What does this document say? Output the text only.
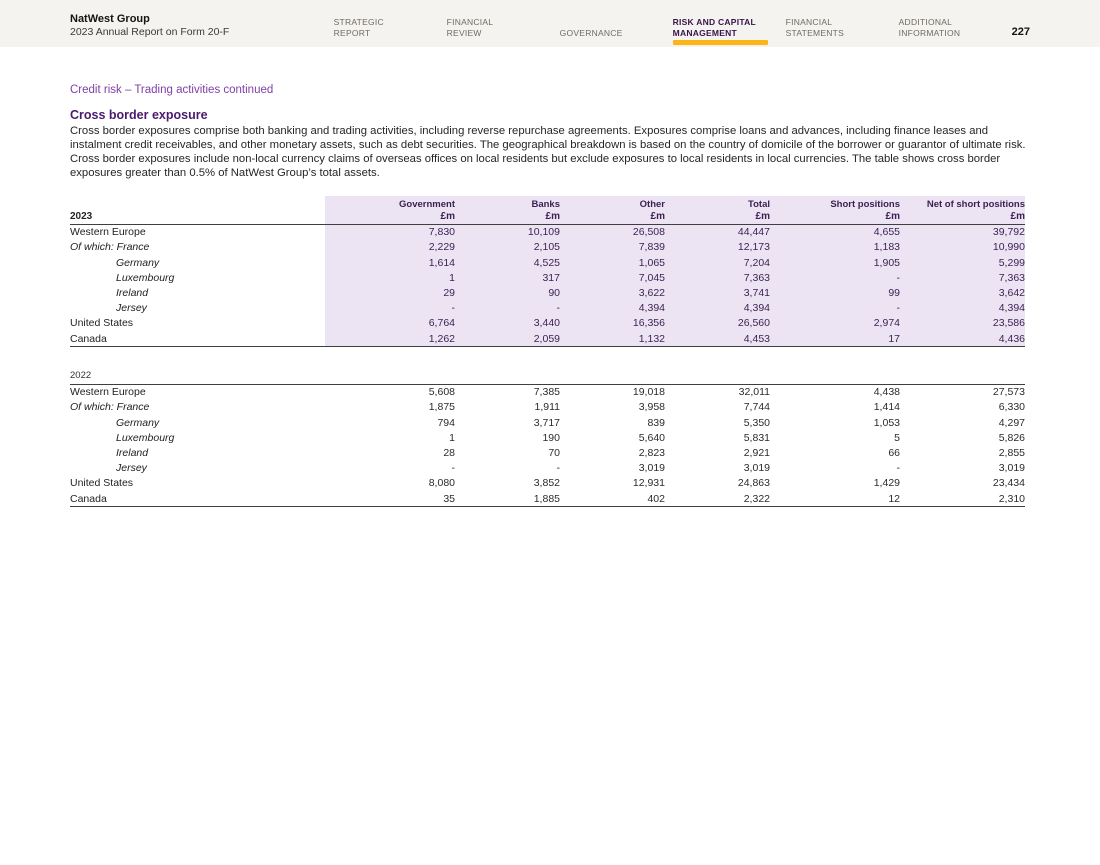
NatWest Group
2023 Annual Report on Form 20-F
STRATEGIC
REPORT
FINANCIAL
REVIEW	GOVERNANCE
RISK AND CAPITAL
MANAGEMENT
FINANCIAL
STATEMENTS
ADDITIONAL
INFORMATION	227
Credit risk – Trading activities continued
Cross border exposure
Cross border exposures comprise both banking and trading activities, including reverse repurchase agreements. Exposures comprise loans and advances, including finance leases and instalment credit receivables, and other monetary assets, such as debt securities. The geographical breakdown is based on the country of domicile of the borrower or guarantor of ultimate risk. Cross border exposures include non-local currency claims of overseas offices on local residents but exclude exposures to local residents in local currencies. The table shows cross border exposures greater than 0.5% of NatWest Group’s total assets.
	Government	Banks	Other	Total	Short positions	Net of short positions
2023	£m	£m	£m	£m	£m	£m
Western Europe	7,830	10,109	26,508	44,447	4,655	39,792
Of which: France	2,229	2,105	7,839	12,173	1,183	10,990
Germany	1,614	4,525	1,065	7,204	1,905	5,299
Luxembourg	1	317	7,045	7,363	-	7,363
Ireland	29	90	3,622	3,741	99	3,642
Jersey	-	-	4,394	4,394	-	4,394
United States	6,764	3,440	16,356	26,560	2,974	23,586
Canada	1,262	2,059	1,132	4,453	17	4,436

2022						
Western Europe	5,608	7,385	19,018	32,011	4,438	27,573
Of which: France	1,875	1,911	3,958	7,744	1,414	6,330
Germany	794	3,717	839	5,350	1,053	4,297
Luxembourg	1	190	5,640	5,831	5	5,826
Ireland	28	70	2,823	2,921	66	2,855
Jersey	-	-	3,019	3,019	-	3,019
United States	8,080	3,852	12,931	24,863	1,429	23,434
Canada	35	1,885	402	2,322	12	2,310
